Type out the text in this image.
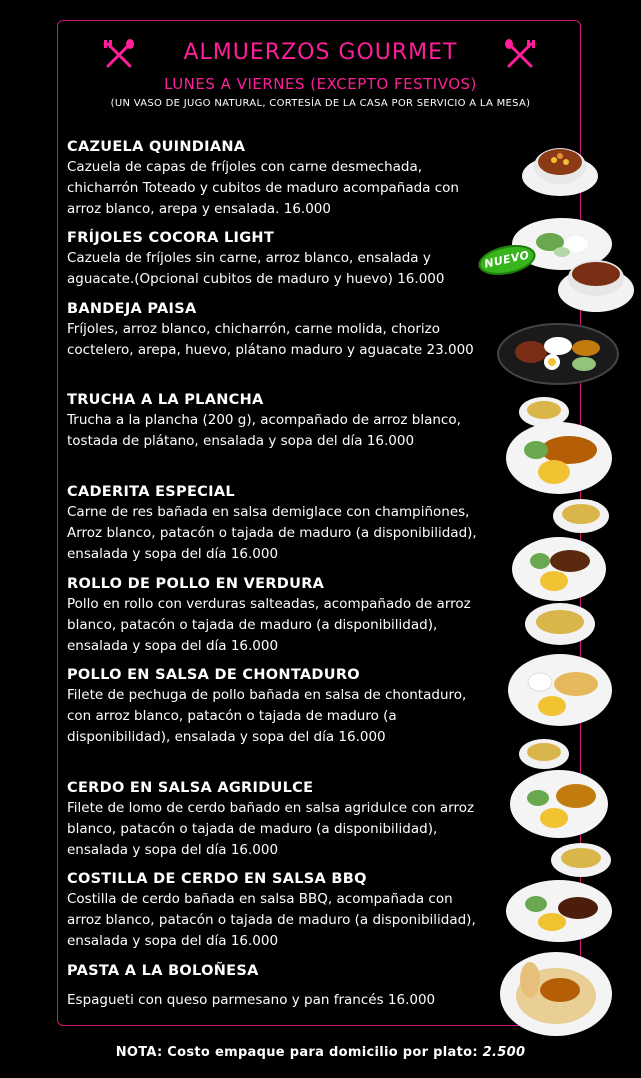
ALMUERZOS GOURMET
LUNES A VIERNES (EXCEPTO FESTIVOS)
(UN VASO DE JUGO NATURAL, CORTESÍA DE LA CASA POR SERVICIO A LA MESA)
CAZUELA QUINDIANA

Cazuela de capas de fríjoles con carne desmechada, chicharrón Toteado y cubitos de maduro acompañada con arroz blanco, arepa y ensalada. 16.000

FRÍJOLES COCORA LIGHT

Cazuela de fríjoles sin carne, arroz blanco, ensalada y aguacate.(Opcional cubitos de maduro y huevo) 16.000

BANDEJA PAISA

Fríjoles, arroz blanco, chicharrón, carne molida, chorizo coctelero, arepa, huevo, plátano maduro y aguacate 23.000

TRUCHA A LA PLANCHA

Trucha a la plancha (200 g), acompañado de arroz blanco, tostada de plátano, ensalada y sopa del día 16.000

CADERITA ESPECIAL

Carne de res bañada en salsa demiglace con champiñones, Arroz blanco, patacón o tajada de maduro (a disponibilidad), ensalada y sopa del día 16.000

ROLLO DE POLLO EN VERDURA

Pollo en rollo con verduras salteadas, acompañado de arroz blanco, patacón o tajada de maduro (a disponibilidad), ensalada y sopa del día 16.000

POLLO EN SALSA DE CHONTADURO

Filete de pechuga de pollo bañada en salsa de chontaduro, con arroz blanco, patacón o tajada de maduro (a disponibilidad), ensalada y sopa del día 16.000

CERDO EN SALSA AGRIDULCE

Filete de lomo de cerdo bañado en salsa agridulce con arroz blanco, patacón o tajada de maduro (a disponibilidad), ensalada y sopa del día 16.000

COSTILLA DE CERDO EN SALSA BBQ

Costilla de cerdo bañada en salsa BBQ, acompañada con arroz blanco, patacón o tajada de maduro (a disponibilidad), ensalada y sopa del día 16.000

PASTA A LA BOLOÑESA

Espagueti con queso parmesano y pan francés 16.000

NUEVO
NOTA: Costo empaque para domicilio por plato: 2.500
